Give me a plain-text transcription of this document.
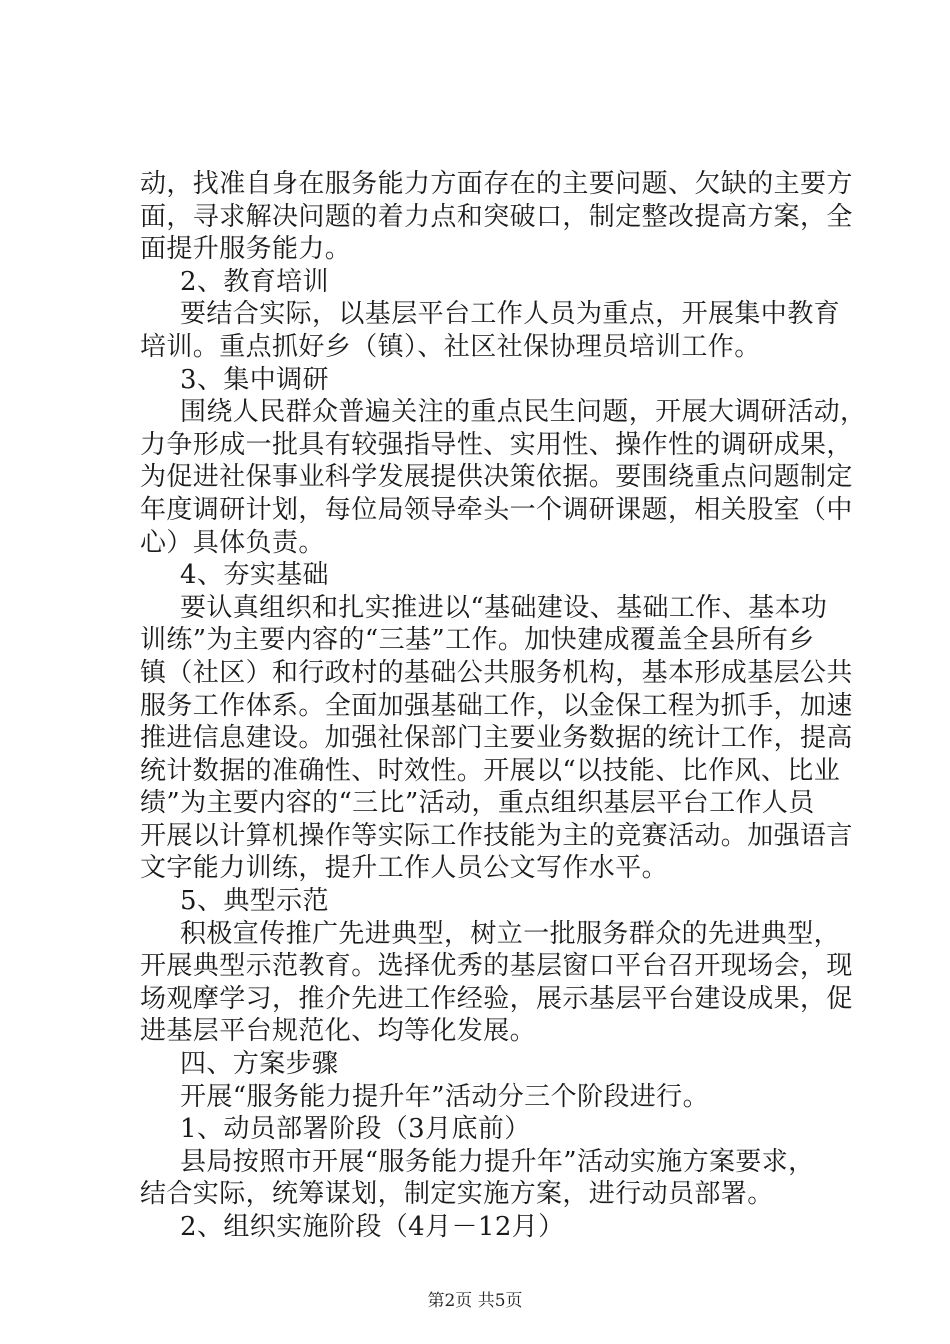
动，找准自身在服务能力方面存在的主要问题、欠缺的主要方
面，寻求解决问题的着力点和突破口，制定整改提高方案，全
面提升服务能力。
2、教育培训
要结合实际，以基层平台工作人员为重点，开展集中教育
培训。重点抓好乡（镇）、社区社保协理员培训工作。
3、集中调研
围绕人民群众普遍关注的重点民生问题，开展大调研活动，
力争形成一批具有较强指导性、实用性、操作性的调研成果，
为促进社保事业科学发展提供决策依据。要围绕重点问题制定
年度调研计划，每位局领导牵头一个调研课题，相关股室（中
心）具体负责。
4、夯实基础
要认真组织和扎实推进以“基础建设、基础工作、基本功
训练”为主要内容的“三基”工作。加快建成覆盖全县所有乡
镇（社区）和行政村的基础公共服务机构，基本形成基层公共
服务工作体系。全面加强基础工作，以金保工程为抓手，加速
推进信息建设。加强社保部门主要业务数据的统计工作，提高
统计数据的准确性、时效性。开展以“以技能、比作风、比业
绩”为主要内容的“三比”活动，重点组织基层平台工作人员
开展以计算机操作等实际工作技能为主的竞赛活动。加强语言
文字能力训练，提升工作人员公文写作水平。
5、典型示范
积极宣传推广先进典型，树立一批服务群众的先进典型，
开展典型示范教育。选择优秀的基层窗口平台召开现场会，现
场观摩学习，推介先进工作经验，展示基层平台建设成果，促
进基层平台规范化、均等化发展。
四、方案步骤
开展“服务能力提升年”活动分三个阶段进行。
1、动员部署阶段（3月底前）
县局按照市开展“服务能力提升年”活动实施方案要求，
结合实际，统筹谋划，制定实施方案，进行动员部署。
2、组织实施阶段（4月－12月）
第2页 共5页
